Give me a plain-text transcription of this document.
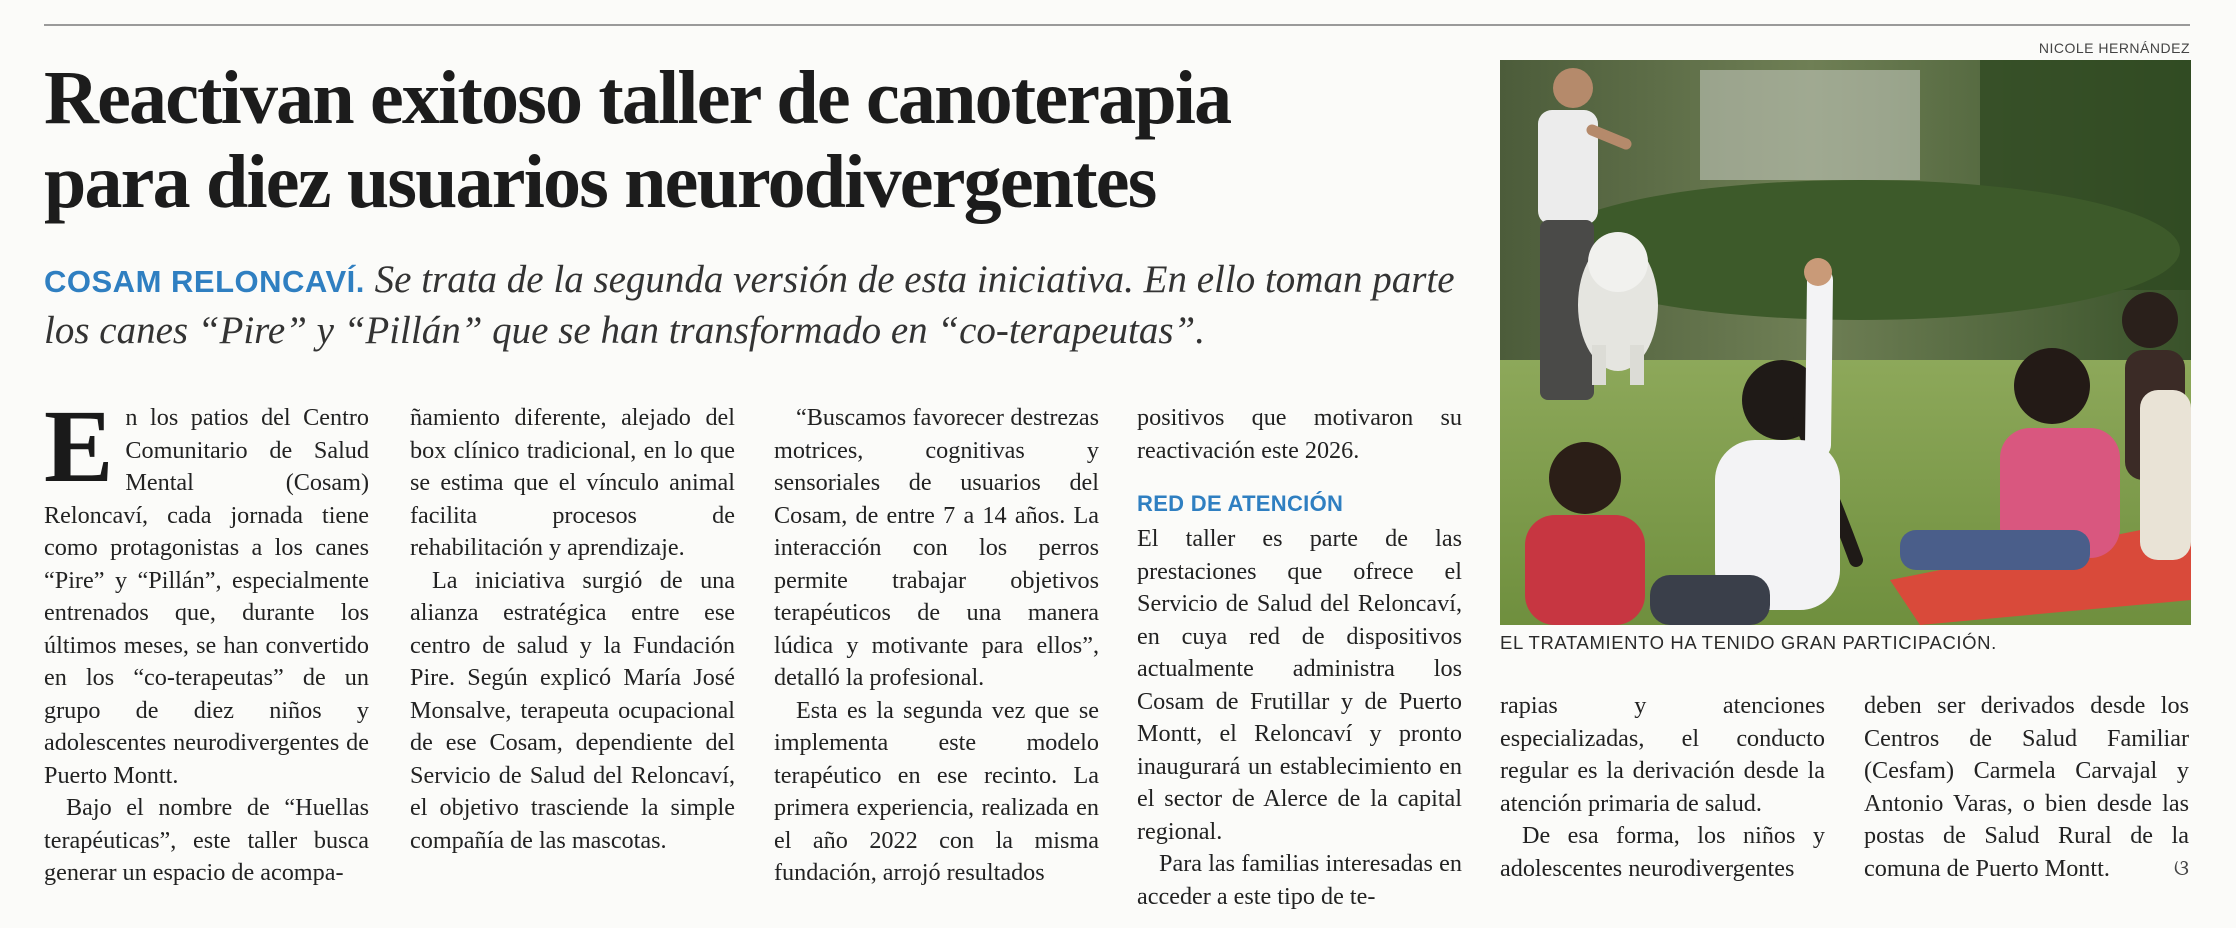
Reactivan exitoso taller de canoterapia
para diez usuarios neurodivergentes
COSAM RELONCAVÍ. Se trata de la segunda versión de esta iniciativa. En ello toman parte los canes “Pire” y “Pillán” que se han transformado en “co-terapeutas”.

En los patios del Centro Comunitario de Salud Mental (Cosam) Reloncaví, cada jornada tiene como protagonistas a los canes “Pire” y “Pillán”, especialmente entrenados que, durante los últimos meses, se han convertido en los “co-terapeutas” de un grupo de diez niños y adolescentes neurodivergentes de Puerto Montt.

Bajo el nombre de “Huellas terapéuticas”, este taller busca generar un espacio de acompa-

ñamiento diferente, alejado del box clínico tradicional, en lo que se estima que el vínculo animal facilita procesos de rehabilitación y aprendizaje.

La iniciativa surgió de una alianza estratégica entre ese centro de salud y la Fundación Pire. Según explicó María José Monsalve, terapeuta ocupacional de ese Cosam, dependiente del Servicio de Salud del Reloncaví, el objetivo trasciende la simple compañía de las mascotas.

“Buscamos favorecer destrezas motrices, cognitivas y sensoriales de usuarios del Cosam, de entre 7 a 14 años. La interacción con los perros permite trabajar objetivos terapéuticos de una manera lúdica y motivante para ellos”, detalló la profesional.

Esta es la segunda vez que se implementa este modelo terapéutico en ese recinto. La primera experiencia, realizada en el año 2022 con la misma fundación, arrojó resultados

positivos que motivaron su reactivación este 2026.

RED DE ATENCIÓN

El taller es parte de las prestaciones que ofrece el Servicio de Salud del Reloncaví, en cuya red de dispositivos actualmente administra los Cosam de Frutillar y de Puerto Montt, el Reloncaví y pronto inaugurará un establecimiento en el sector de Alerce de la capital regional.

Para las familias interesadas en acceder a este tipo de te-

rapias y atenciones especializadas, el conducto regular es la derivación desde la atención primaria de salud.

De esa forma, los niños y adolescentes neurodivergentes

deben ser derivados desde los Centros de Salud Familiar (Cesfam) Carmela Carvajal y Antonio Varas, o bien desde las postas de Salud Rural de la comuna de Puerto Montt.	ଓ

NICOLE HERNÁNDEZ
EL TRATAMIENTO HA TENIDO GRAN PARTICIPACIÓN.
